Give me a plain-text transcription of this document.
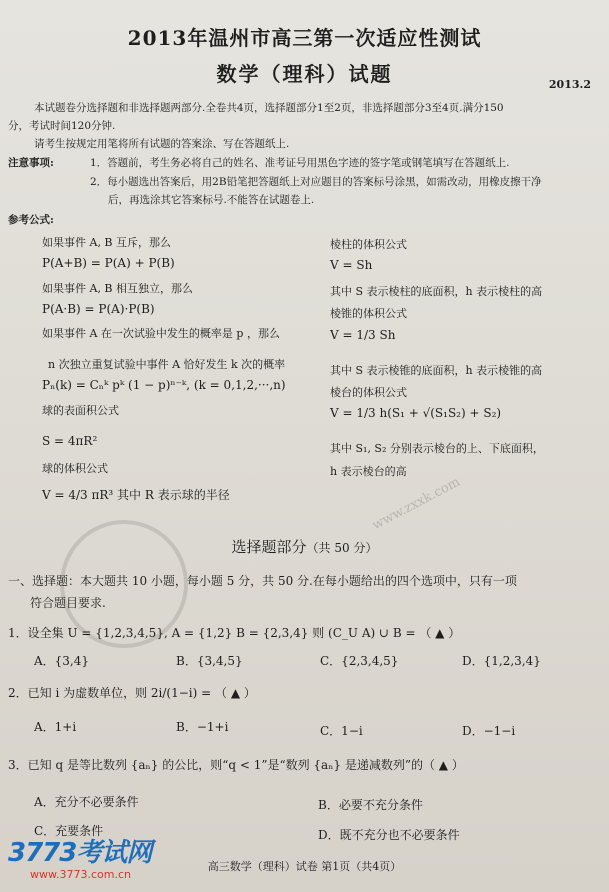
www.zxxk.com
2013年温州市高三第一次适应性测试
数学（理科）试题	2013.2
本试题卷分选择题和非选择题两部分.全卷共4页，选择题部分1至2页，非选择题部分3至4页.满分150
分，考试时间120分钟.
请考生按规定用笔将所有试题的答案涂、写在答题纸上.
注意事项:	1．答题前，考生务必将自己的姓名、准考证号用黑色字迹的签字笔或钢笔填写在答题纸上.
2．每小题选出答案后，用2B铅笔把答题纸上对应题目的答案标号涂黑，如需改动，用橡皮擦干净
后，再选涂其它答案标号.不能答在试题卷上.
参考公式:
如果事件 A, B 互斥，那么
P(A+B) = P(A) + P(B)
如果事件 A, B 相互独立，那么
P(A·B) = P(A)·P(B)
如果事件 A 在一次试验中发生的概率是 p ，那么
n 次独立重复试验中事件 A 恰好发生 k 次的概率
Pₙ(k) = Cₙᵏ pᵏ (1 − p)ⁿ⁻ᵏ, (k = 0,1,2,···,n)
球的表面积公式
S = 4πR²
球的体积公式
V = 4/3 πR³ 其中 R 表示球的半径
棱柱的体积公式
V = Sh
其中 S 表示棱柱的底面积，h 表示棱柱的高
棱锥的体积公式
V = 1/3 Sh
其中 S 表示棱锥的底面积，h 表示棱锥的高
棱台的体积公式
V = 1/3 h(S₁ + √(S₁S₂) + S₂)
其中 S₁, S₂ 分别表示棱台的上、下底面积，
h 表示棱台的高
选择题部分（共 50 分）
一、选择题：本大题共 10 小题，每小题 5 分，共 50 分.在每小题给出的四个选项中，只有一项
符合题目要求.
1．设全集 U = {1,2,3,4,5}, A = {1,2} B = {2,3,4} 则 (C_U A) ∪ B = （ ▲ ）
A．{3,4}	B．{3,4,5}	C．{2,3,4,5}	D．{1,2,3,4}
2．已知 i 为虚数单位，则 2i/(1−i) = （ ▲ ）
A．1+i	B．−1+i	C．1−i	D．−1−i
3．已知 q 是等比数列 {aₙ} 的公比，则“q < 1”是“数列 {aₙ} 是递减数列”的（ ▲ ）
A．充分不必要条件	B．必要不充分条件
C．充要条件	D．既不充分也不必要条件
高三数学（理科）试卷 第1页（共4页）
3773考试网
www.3773.com.cn
